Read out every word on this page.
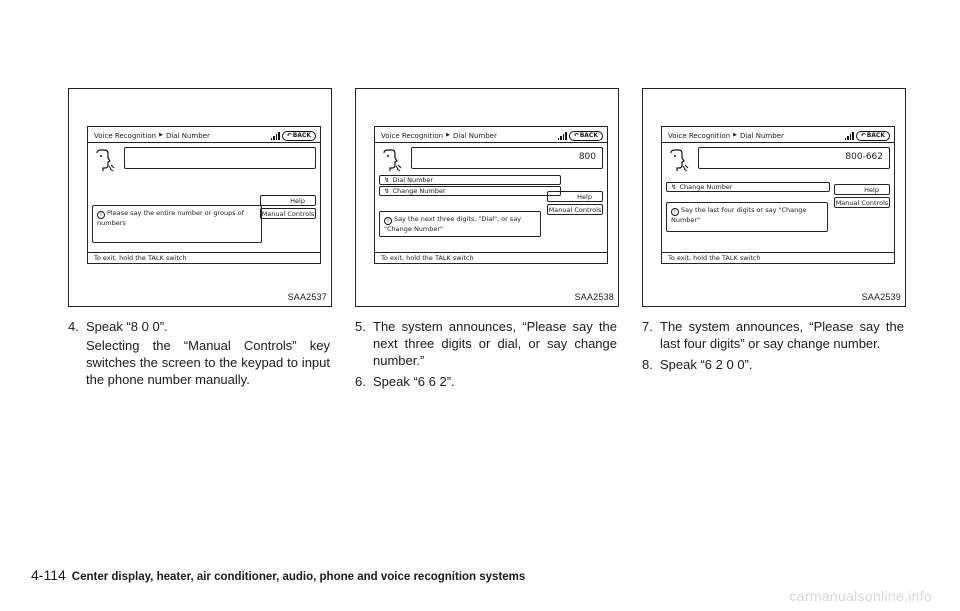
Voice Recognition ▶ Dial Number	↶ BACK
Help
Manual Controls
i Please say the entire number or groups of numbers
To exit, hold the TALK switch
SAA2537
Voice Recognition ▶ Dial Number	↶ BACK
800
↯ Dial Number
↯ Change Number
Help
Manual Controls
i Say the next three digits, "Dial", or say "Change Number"
To exit, hold the TALK switch
SAA2538
Voice Recognition ▶ Dial Number	↶ BACK
800-662
↯ Change Number	Help
Manual Controls
i Say the last four digits or say "Change Number"
To exit, hold the TALK switch
SAA2539
4. Speak “8 0 0”.
Selecting the “Manual Controls” key switches the screen to the keypad to input the phone number manually.
5. The system announces, “Please say the next three digits or dial, or say change number.”
6. Speak “6 6 2”.
7. The system announces, “Please say the last four digits” or say change number.
8. Speak “6 2 0 0”.
4-114 Center display, heater, air conditioner, audio, phone and voice recognition systems
carmanualsonline.info
